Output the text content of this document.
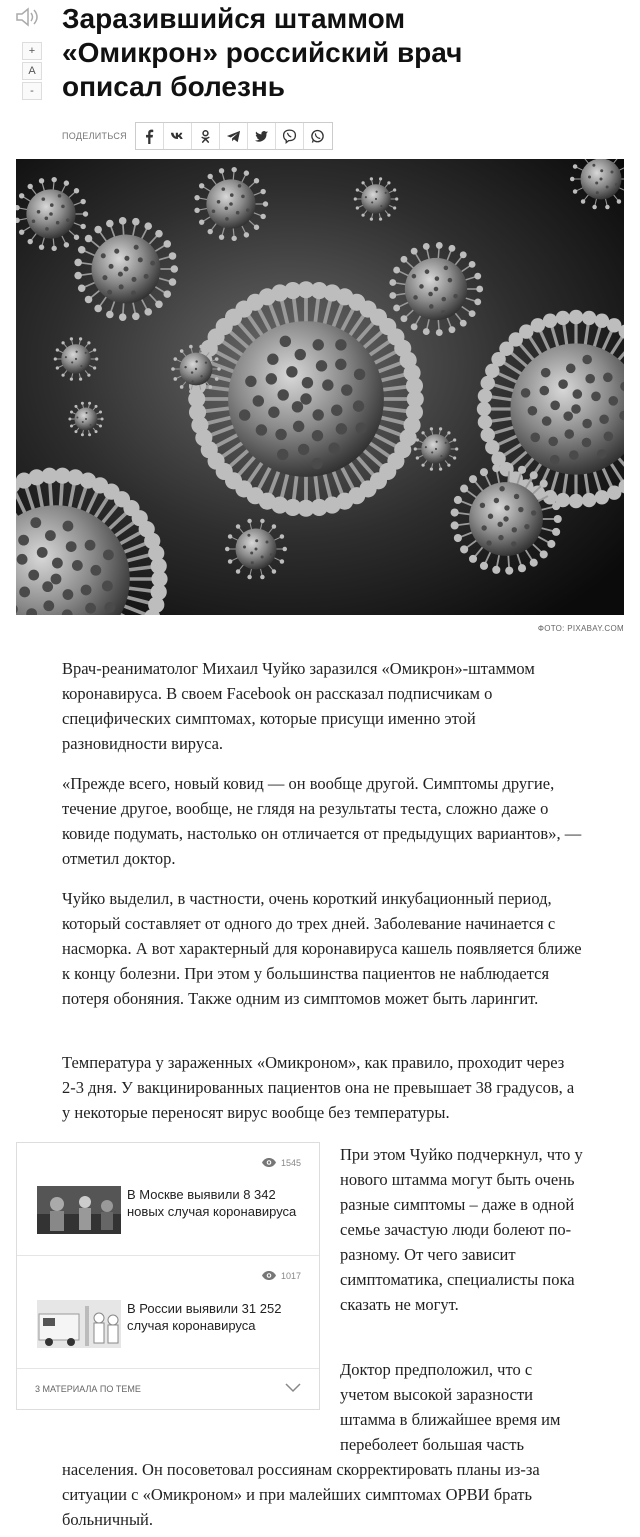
+
A
-
Заразившийся штаммом «Омикрон» российский врач описал болезнь
ПОДЕЛИТЬСЯ
ФОТО: PIXABAY.COM

Врач-реаниматолог Михаил Чуйко заразился «Омикрон»-штаммом коронавируса. В своем Facebook он рассказал подписчикам о специфических симптомах, которые присущи именно этой разновидности вируса.

«Прежде всего, новый ковид — он вообще другой. Симптомы другие, течение другое, вообще, не глядя на результаты теста, сложно даже о ковиде подумать, настолько он отличается от предыдущих вариантов», — отметил доктор.

Чуйко выделил, в частности, очень короткий инкубационный период, который составляет от одного до трех дней. Заболевание начинается с насморка. А вот характерный для коронавируса кашель появляется ближе к концу болезни. При этом у большинства пациентов не наблюдается потеря обоняния. Также одним из симптомов может быть ларингит.

Температура у зараженных «Омикроном», как правило, проходит через 2-3 дня. У вакцинированных пациентов она не превышает 38 градусов, а у некоторые переносят вирус вообще без температуры.

1545
В Москве выявили 8 342 новых случая коронавируса
1017
В России выявили 31 252 случая коронавируса
3 МАТЕРИАЛА ПО ТЕМЕ

При этом Чуйко подчеркнул, что у нового штамма могут быть очень разные симптомы – даже в одной семье зачастую люди болеют по-разному. От чего зависит симптоматика, специалисты пока сказать не могут.

Доктор предположил, что с учетом высокой заразности штамма в ближайшее время им переболеет большая часть

населения. Он посоветовал россиянам скорректировать планы из-за ситуации с «Омикроном» и при малейших симптомах ОРВИ брать больничный.
